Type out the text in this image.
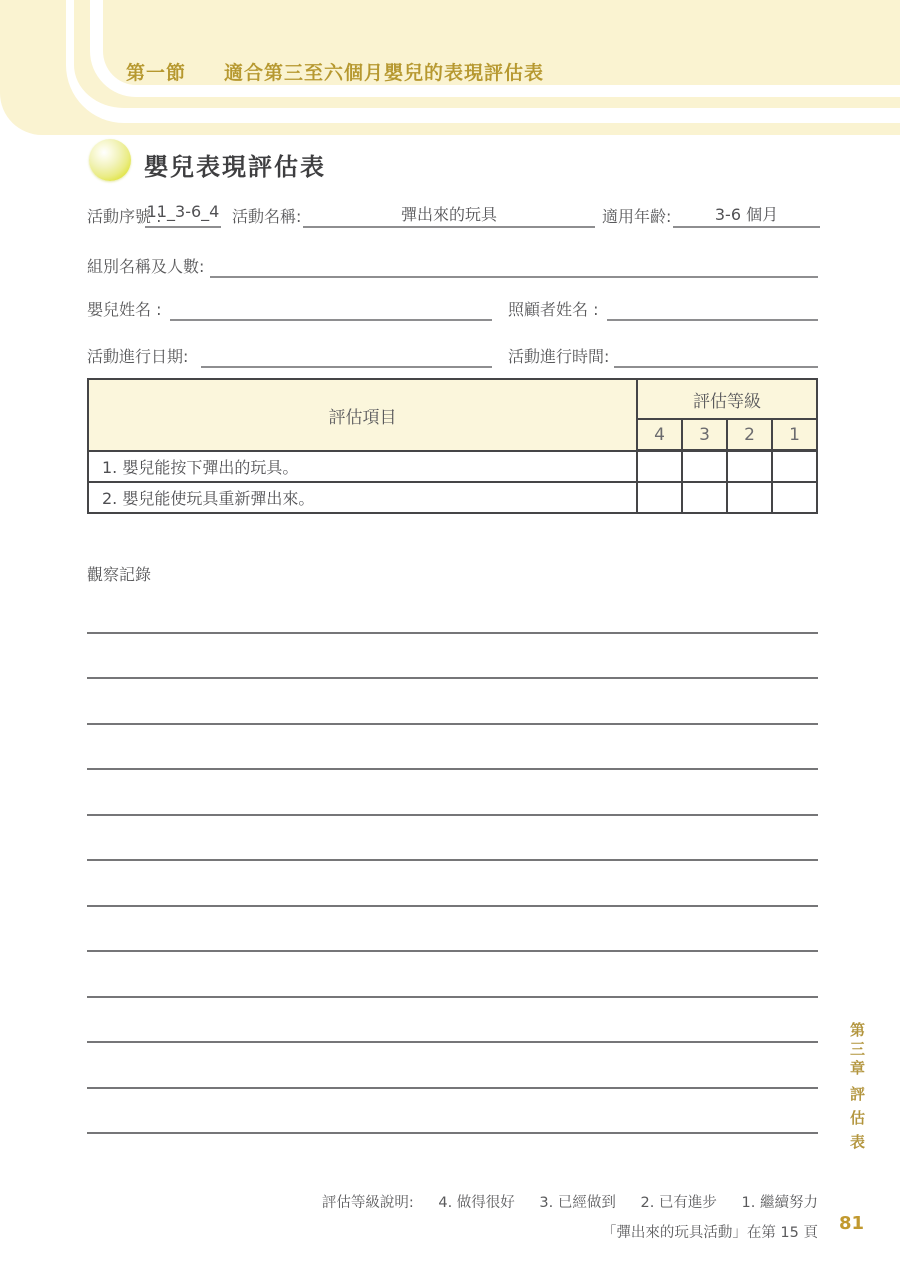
第一節 適合第三至六個月嬰兒的表現評估表
嬰兒表現評估表
活動序號 :
11_3-6_4 活動名稱:	彈出來的玩具	適用年齡:	3-6 個月
組別名稱及人數:
嬰兒姓名 :	照顧者姓名 :
活動進行日期:	活動進行時間:
評估項目
評估等級
4	3	2	1
1. 嬰兒能按下彈出的玩具。
2. 嬰兒能使玩具重新彈出來。
觀察記錄
評估等級說明: 4. 做得很好 3. 已經做到 2. 已有進步 1. 繼續努力
「彈出來的玩具活動」在第 15 頁 81
第三章
評估表
